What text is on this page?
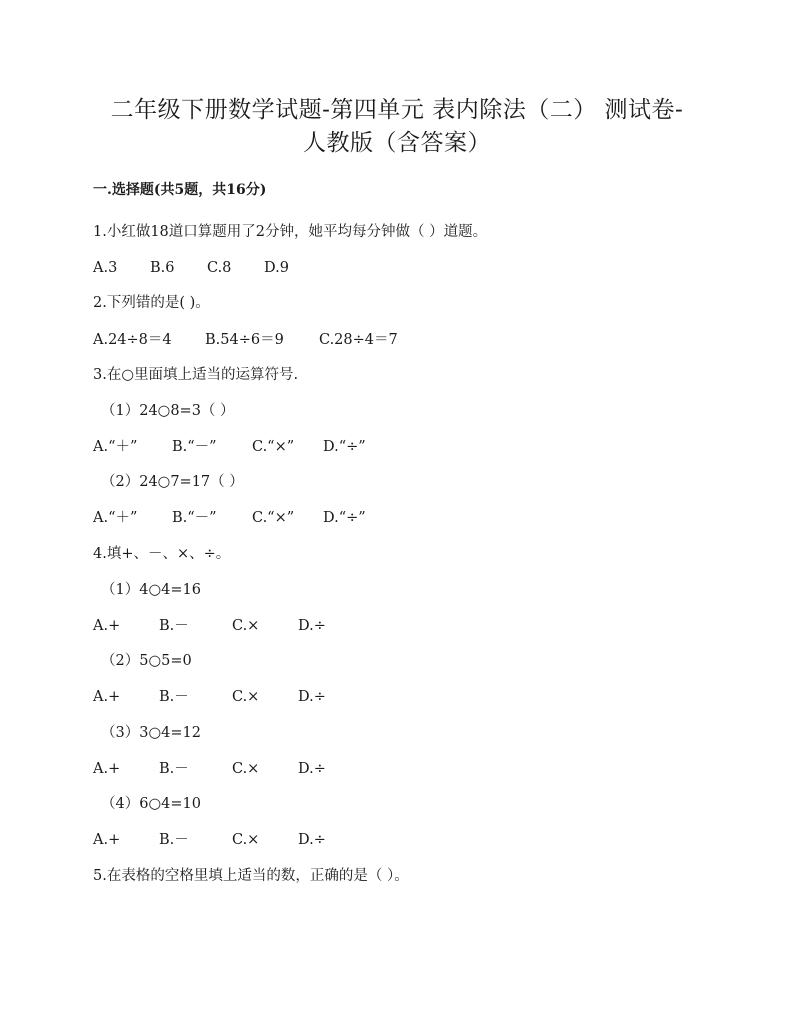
二年级下册数学试题-第四单元 表内除法（二） 测试卷-
人教版（含答案）
一.选择题(共5题，共16分)
1.小红做18道口算题用了2分钟，她平均每分钟做（ ）道题。
A.3 B.6 C.8 D.9
2.下列错的是( )。
A.24÷8＝4 B.54÷6＝9 C.28÷4＝7
3.在○里面填上适当的运算符号.
（1）24○8=3（ ）
A.“＋” B.“－” C.“×” D.“÷”
（2）24○7=17（ ）
A.“＋” B.“－” C.“×” D.“÷”
4.填+、－、×、÷。
（1）4○4=16
A.+	B.－	C.×	D.÷
（2）5○5=0
A.+	B.－	C.×	D.÷
（3）3○4=12
A.+	B.－	C.×	D.÷
（4）6○4=10
A.+	B.－	C.×	D.÷
5.在表格的空格里填上适当的数，正确的是（ ）。
